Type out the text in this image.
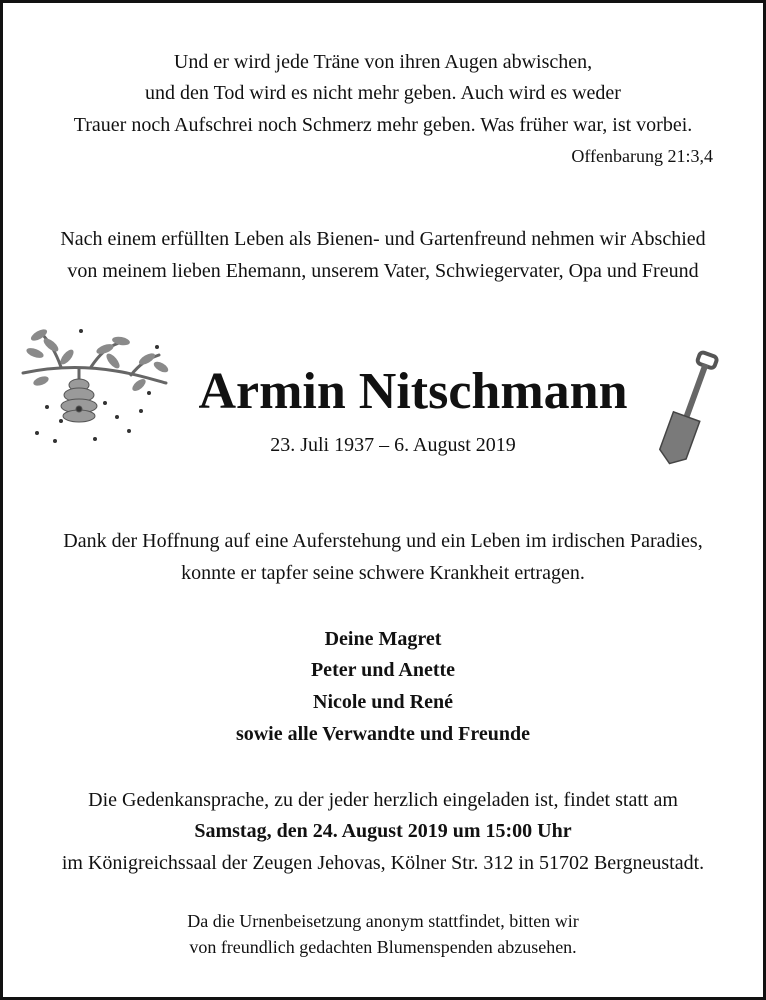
Und er wird jede Träne von ihren Augen abwischen,
und den Tod wird es nicht mehr geben. Auch wird es weder
Trauer noch Aufschrei noch Schmerz mehr geben. Was früher war, ist vorbei.
Offenbarung 21:3,4
Nach einem erfüllten Leben als Bienen- und Gartenfreund nehmen wir Abschied
von meinem lieben Ehemann, unserem Vater, Schwiegervater, Opa und Freund
Armin Nitschmann
23. Juli 1937 – 6. August 2019
Dank der Hoffnung auf eine Auferstehung und ein Leben im irdischen Paradies,
konnte er tapfer seine schwere Krankheit ertragen.
Deine Magret
Peter und Anette
Nicole und René
sowie alle Verwandte und Freunde
Die Gedenkansprache, zu der jeder herzlich eingeladen ist, findet statt am
Samstag, den 24. August 2019 um 15:00 Uhr
im Königreichssaal der Zeugen Jehovas, Kölner Str. 312 in 51702 Bergneustadt.
Da die Urnenbeisetzung anonym stattfindet, bitten wir
von freundlich gedachten Blumenspenden abzusehen.
